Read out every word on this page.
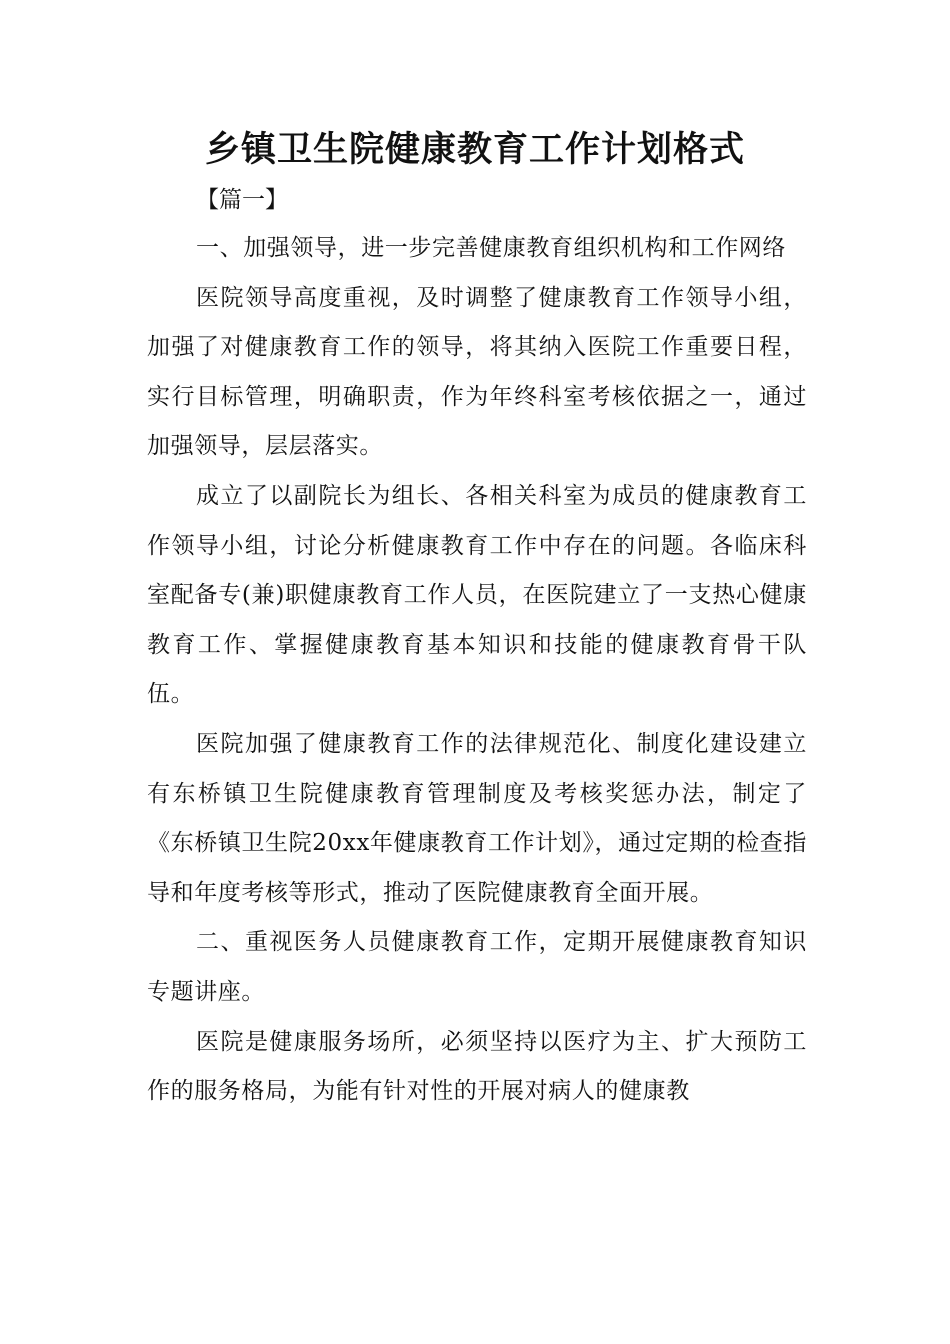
乡镇卫生院健康教育工作计划格式
【篇一】

一、加强领导，进一步完善健康教育组织机构和工作网络

医院领导高度重视，及时调整了健康教育工作领导小组，加强了对健康教育工作的领导，将其纳入医院工作重要日程，实行目标管理，明确职责，作为年终科室考核依据之一，通过加强领导，层层落实。

成立了以副院长为组长、各相关科室为成员的健康教育工作领导小组，讨论分析健康教育工作中存在的问题。各临床科室配备专(兼)职健康教育工作人员，在医院建立了一支热心健康教育工作、掌握健康教育基本知识和技能的健康教育骨干队伍。

医院加强了健康教育工作的法律规范化、制度化建设建立有东桥镇卫生院健康教育管理制度及考核奖惩办法，制定了《东桥镇卫生院20xx年健康教育工作计划》，通过定期的检查指导和年度考核等形式，推动了医院健康教育全面开展。

二、重视医务人员健康教育工作，定期开展健康教育知识专题讲座。

医院是健康服务场所，必须坚持以医疗为主、扩大预防工作的服务格局，为能有针对性的开展对病人的健康教
